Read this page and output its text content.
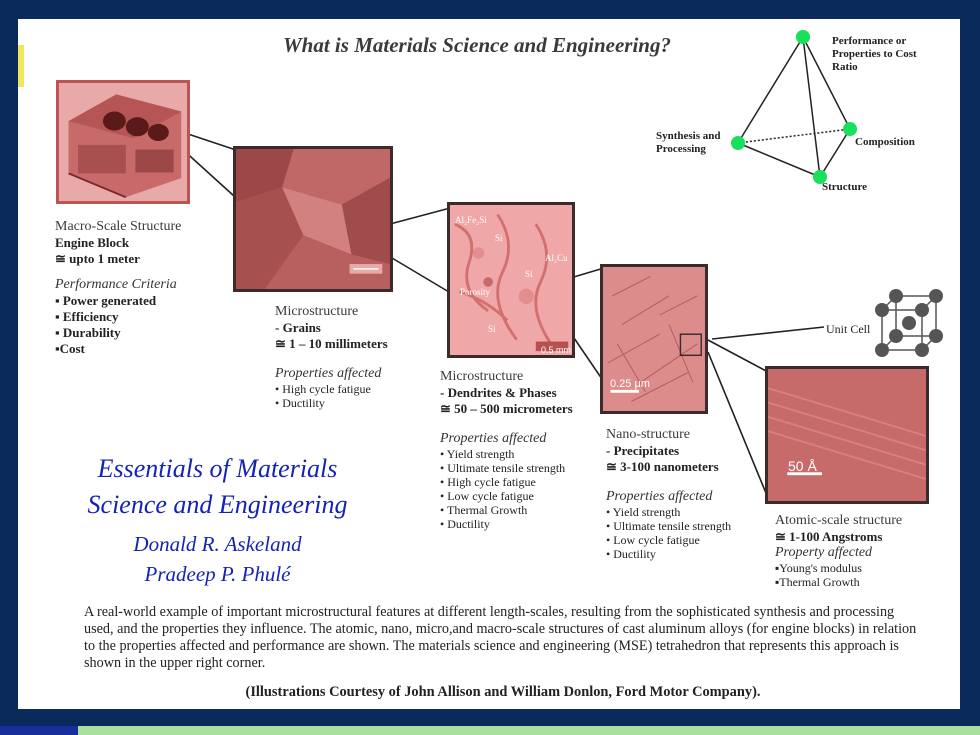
What is Materials Science and Engineering?
Al₂Fe₂Si
Si
Al₂Cu
Si
Porosity
Si
0.5 mm
0.25 μm
50 Å
Unit Cell
Performance or Properties to Cost Ratio
Synthesis and Processing
Composition
Structure
Macro-Scale Structure
Engine Block
≅ upto 1 meter
Performance Criteria
▪ Power generated
▪ Efficiency
▪ Durability
▪Cost
Microstructure
- Grains
≅ 1 – 10 millimeters
Properties affected
• High cycle fatigue
• Ductility
Microstructure
- Dendrites & Phases
≅ 50 – 500 micrometers
Properties affected
• Yield strength
• Ultimate tensile strength
• High cycle fatigue
• Low cycle fatigue
• Thermal Growth
• Ductility
Nano-structure
- Precipitates
≅ 3-100 nanometers
Properties affected
• Yield strength
• Ultimate tensile strength
• Low cycle fatigue
• Ductility
Atomic-scale structure
≅ 1-100 Angstroms
Property affected
▪Young's modulus
▪Thermal Growth
Essentials of Materials
Science and Engineering
Donald R. Askeland
Pradeep P. Phulé
A real-world example of important microstructural features at different length-scales, resulting from the sophisticated synthesis and processing used, and the properties they influence. The atomic, nano, micro,and macro-scale structures of cast aluminum alloys (for engine blocks) in relation to the properties affected and performance are shown. The materials science and engineering (MSE) tetrahedron that represents this approach is shown in the upper right corner.
(Illustrations Courtesy of John Allison and William Donlon, Ford Motor Company).
